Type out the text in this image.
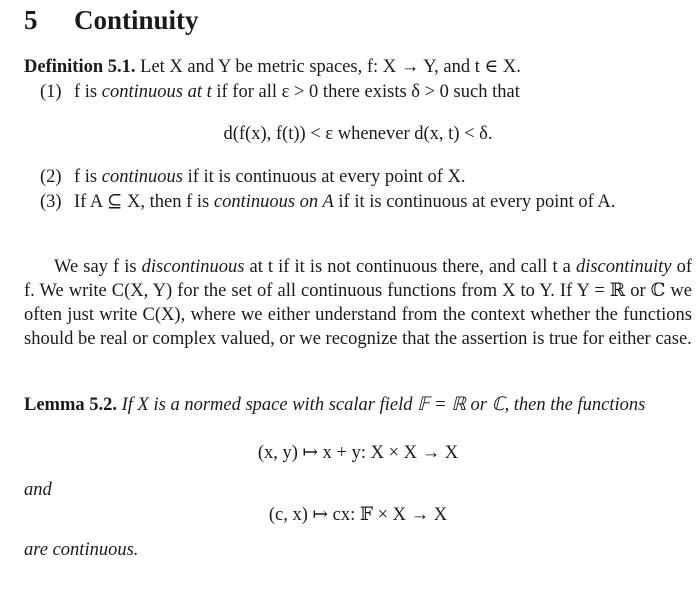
5 Continuity

Definition 5.1. Let X and Y be metric spaces, f: X → Y, and t ∈ X.

(1) f is continuous at t if for all ε > 0 there exists δ > 0 such that

d(f(x), f(t)) < ε whenever d(x, t) < δ.

(2) f is continuous if it is continuous at every point of X.

(3) If A ⊆ X, then f is continuous on A if it is continuous at every point of A.

We say f is discontinuous at t if it is not continuous there, and call t a discontinuity of f. We write C(X, Y) for the set of all continuous functions from X to Y. If Y = ℝ or ℂ we often just write C(X), where we either understand from the context whether the functions should be real or complex valued, or we recognize that the assertion is true for either case.

Lemma 5.2. If X is a normed space with scalar field 𝔽 = ℝ or ℂ, then the functions

(x, y) ↦ x + y: X × X → X

and

(c, x) ↦ cx: 𝔽 × X → X

are continuous.
